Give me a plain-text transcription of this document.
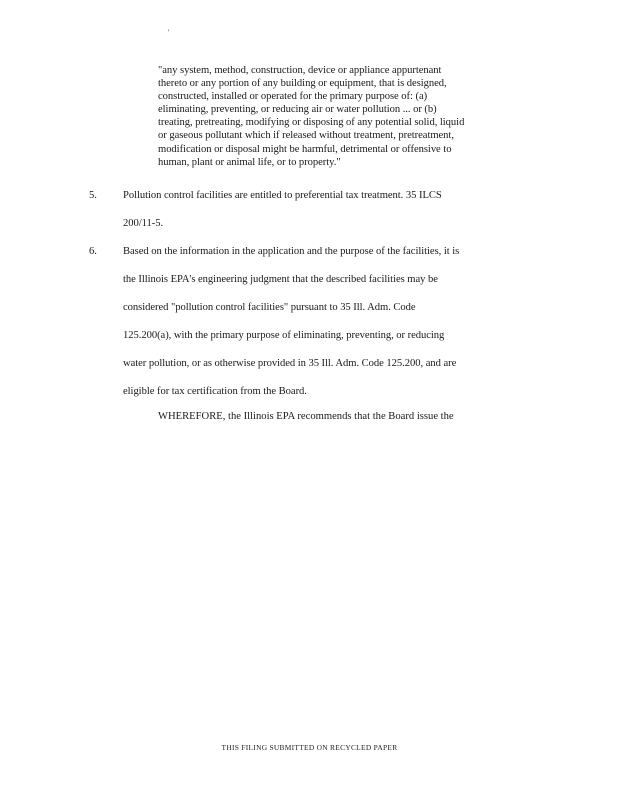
'
"any system, method, construction, device or appliance appurtenant
thereto or any portion of any building or equipment, that is designed,
constructed, installed or operated for the primary purpose of: (a)
eliminating, preventing, or reducing air or water pollution ... or (b)
treating, pretreating, modifying or disposing of any potential solid, liquid
or gaseous pollutant which if released without treatment, pretreatment,
modification or disposal might be harmful, detrimental or offensive to
human, plant or animal life, or to property."
5. Pollution control facilities are entitled to preferential tax treatment. 35 ILCS
200/11-5.
6. Based on the information in the application and the purpose of the facilities, it is
the Illinois EPA's engineering judgment that the described facilities may be
considered "pollution control facilities" pursuant to 35 Ill. Adm. Code
125.200(a), with the primary purpose of eliminating, preventing, or reducing
water pollution, or as otherwise provided in 35 Ill. Adm. Code 125.200, and are
eligible for tax certification from the Board.
WHEREFORE, the Illinois EPA recommends that the Board issue the
THIS FILING SUBMITTED ON RECYCLED PAPER
